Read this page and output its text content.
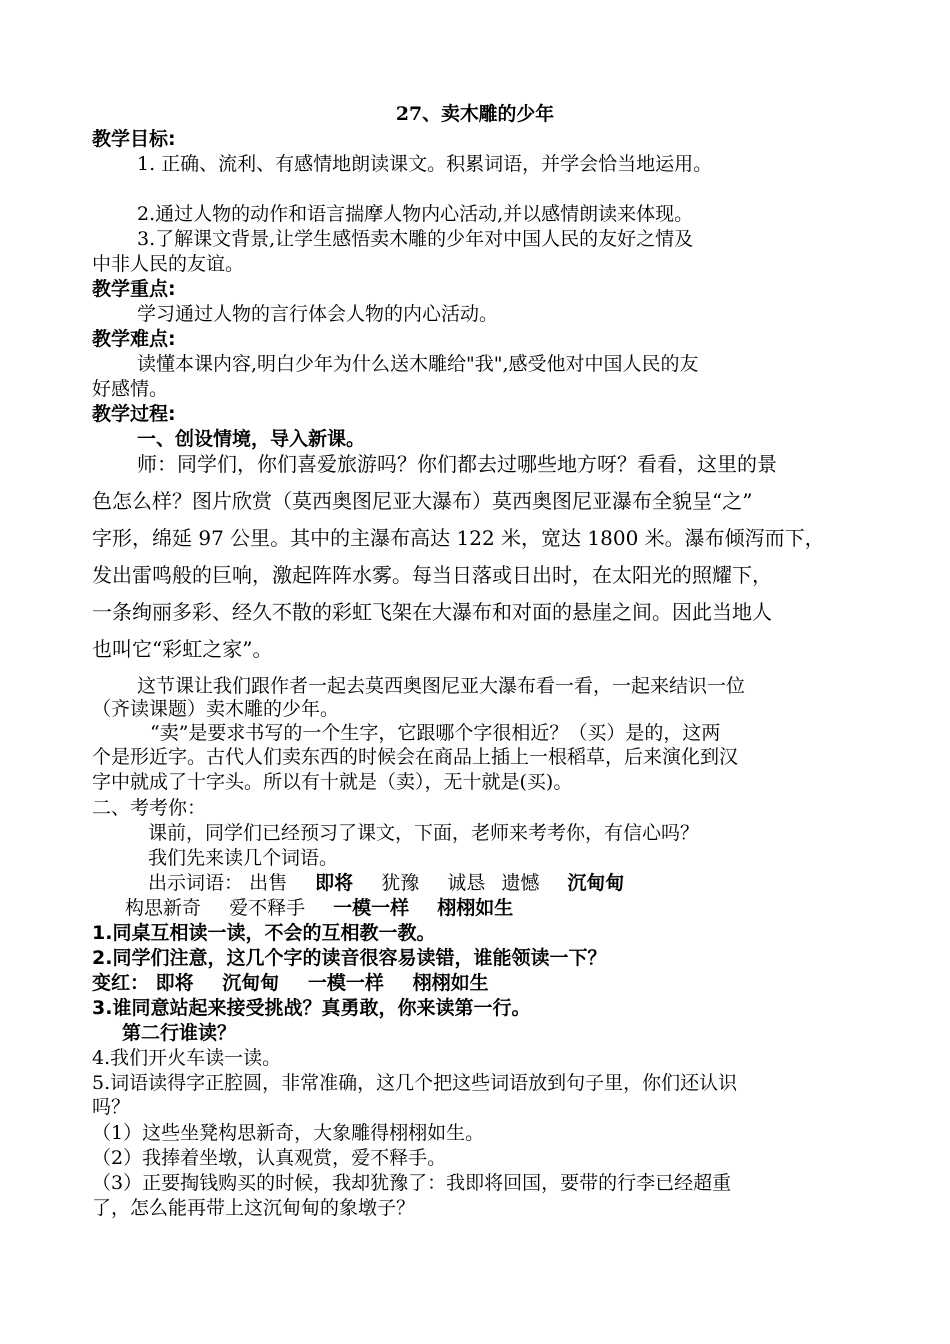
27、卖木雕的少年
教学目标:
1. 正确、流利、有感情地朗读课文。积累词语，并学会恰当地运用。
2.通过人物的动作和语言揣摩人物内心活动,并以感情朗读来体现。
3.了解课文背景,让学生感悟卖木雕的少年对中国人民的友好之情及
中非人民的友谊。
教学重点:
学习通过人物的言行体会人物的内心活动。
教学难点:
读懂本课内容,明白少年为什么送木雕给"我",感受他对中国人民的友
好感情。
教学过程:
一、创设情境，导入新课。
师：同学们，你们喜爱旅游吗？你们都去过哪些地方呀？看看，这里的景
色怎么样？图片欣赏（莫西奥图尼亚大瀑布）莫西奥图尼亚瀑布全貌呈“之”
字形，绵延 97 公里。其中的主瀑布高达 122 米，宽达 1800 米。瀑布倾泻而下，
发出雷鸣般的巨响，激起阵阵水雾。每当日落或日出时，在太阳光的照耀下，
一条绚丽多彩、经久不散的彩虹飞架在大瀑布和对面的悬崖之间。因此当地人
也叫它“彩虹之家”。
这节课让我们跟作者一起去莫西奥图尼亚大瀑布看一看，一起来结识一位
（齐读课题）卖木雕的少年。
“卖”是要求书写的一个生字，它跟哪个字很相近？（买）是的，这两
个是形近字。古代人们卖东西的时候会在商品上插上一根稻草，后来演化到汉
字中就成了十字头。所以有十就是（卖），无十就是(买)。
二、考考你：
课前，同学们已经预习了课文，下面，老师来考考你，有信心吗？
我们先来读几个词语。
出示词语： 出售 即将 犹豫 诚恳 遗憾 沉甸甸
构思新奇 爱不释手 一模一样 栩栩如生
1.同桌互相读一读，不会的互相教一教。
2.同学们注意，这几个字的读音很容易读错，谁能领读一下？
变红： 即将 沉甸甸 一模一样 栩栩如生
3.谁同意站起来接受挑战？真勇敢，你来读第一行。
第二行谁读？
4.我们开火车读一读。
5.词语读得字正腔圆，非常准确，这几个把这些词语放到句子里，你们还认识
吗？
（1）这些坐凳构思新奇，大象雕得栩栩如生。
（2）我捧着坐墩，认真观赏，爱不释手。
（3）正要掏钱购买的时候，我却犹豫了：我即将回国，要带的行李已经超重
了，怎么能再带上这沉甸甸的象墩子？
